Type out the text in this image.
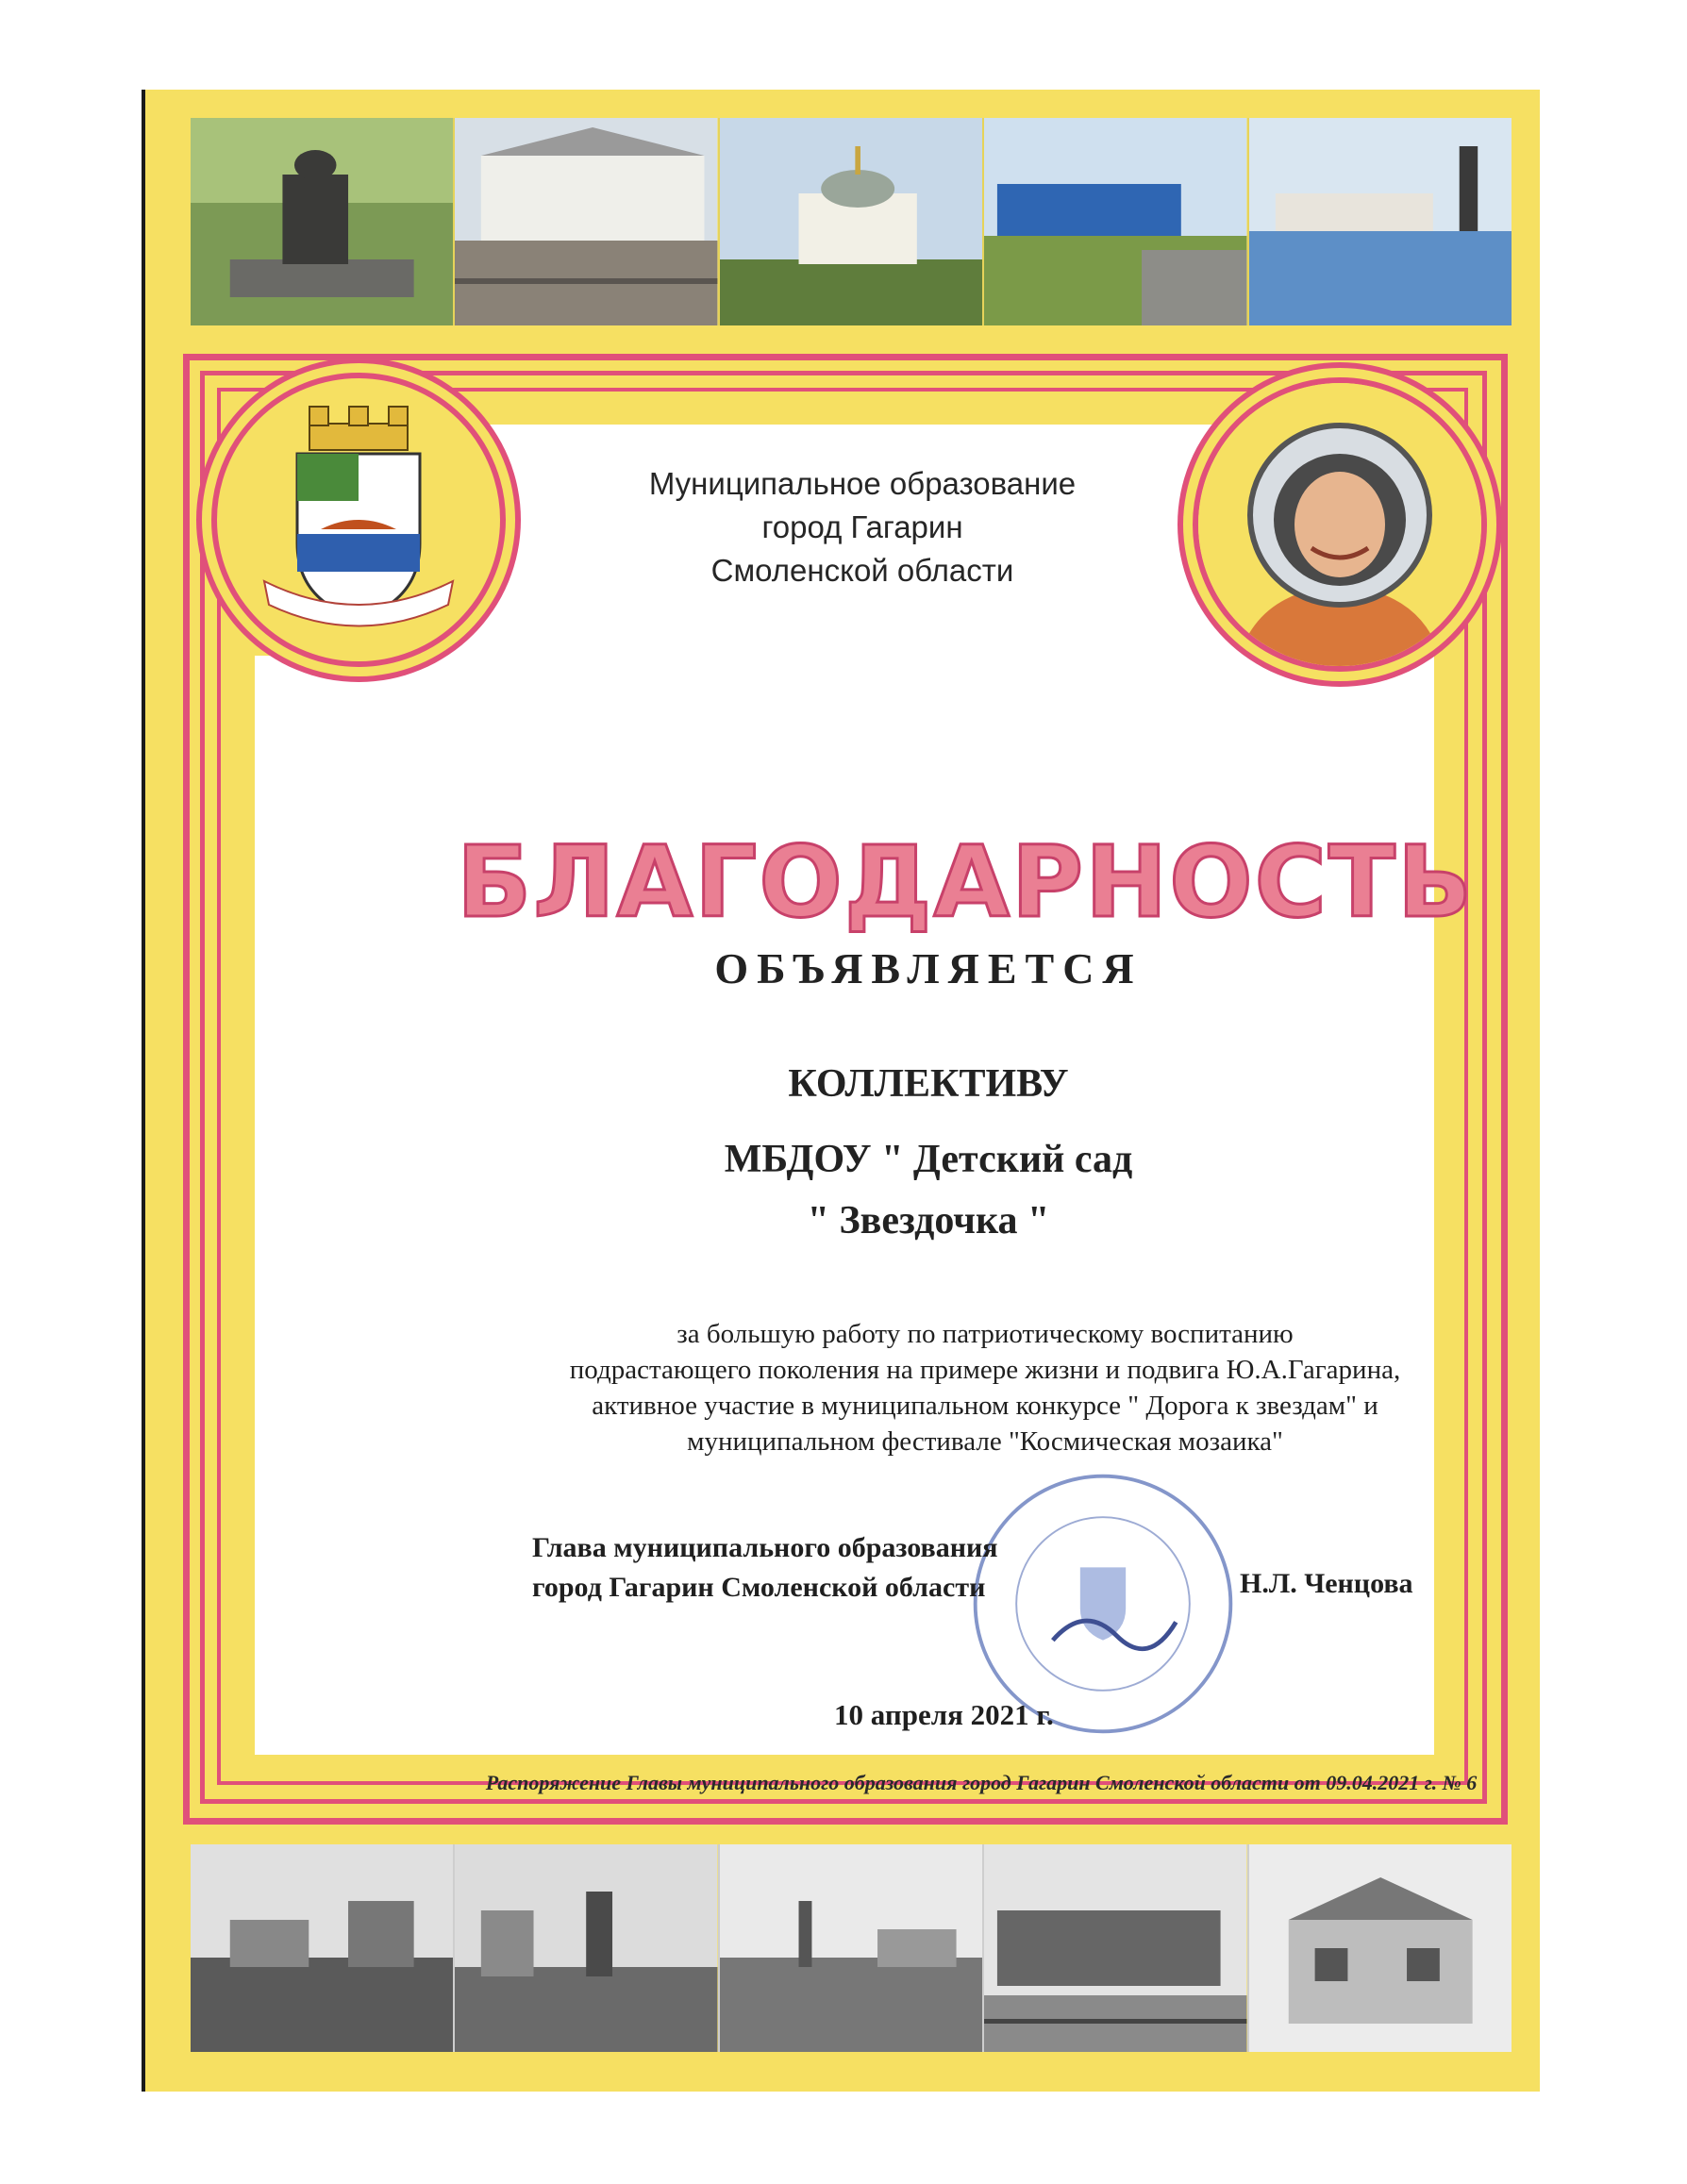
Муниципальное образование
город Гагарин
Смоленской области
БЛАГОДАРНОСТЬ
ОБЪЯВЛЯЕТСЯ
КОЛЛЕКТИВУ
МБДОУ " Детский сад
" Звездочка "
за большую работу по патриотическому воспитанию
подрастающего поколения на примере жизни и подвига Ю.А.Гагарина,
активное участие в муниципальном конкурсе " Дорога к звездам" и
муниципальном фестивале "Космическая мозаика"
Глава муниципального образования
город Гагарин Смоленской области	Н.Л. Ченцова
10 апреля 2021 г.
Распоряжение Главы муниципального образования город Гагарин Смоленской области от 09.04.2021 г. № 6
